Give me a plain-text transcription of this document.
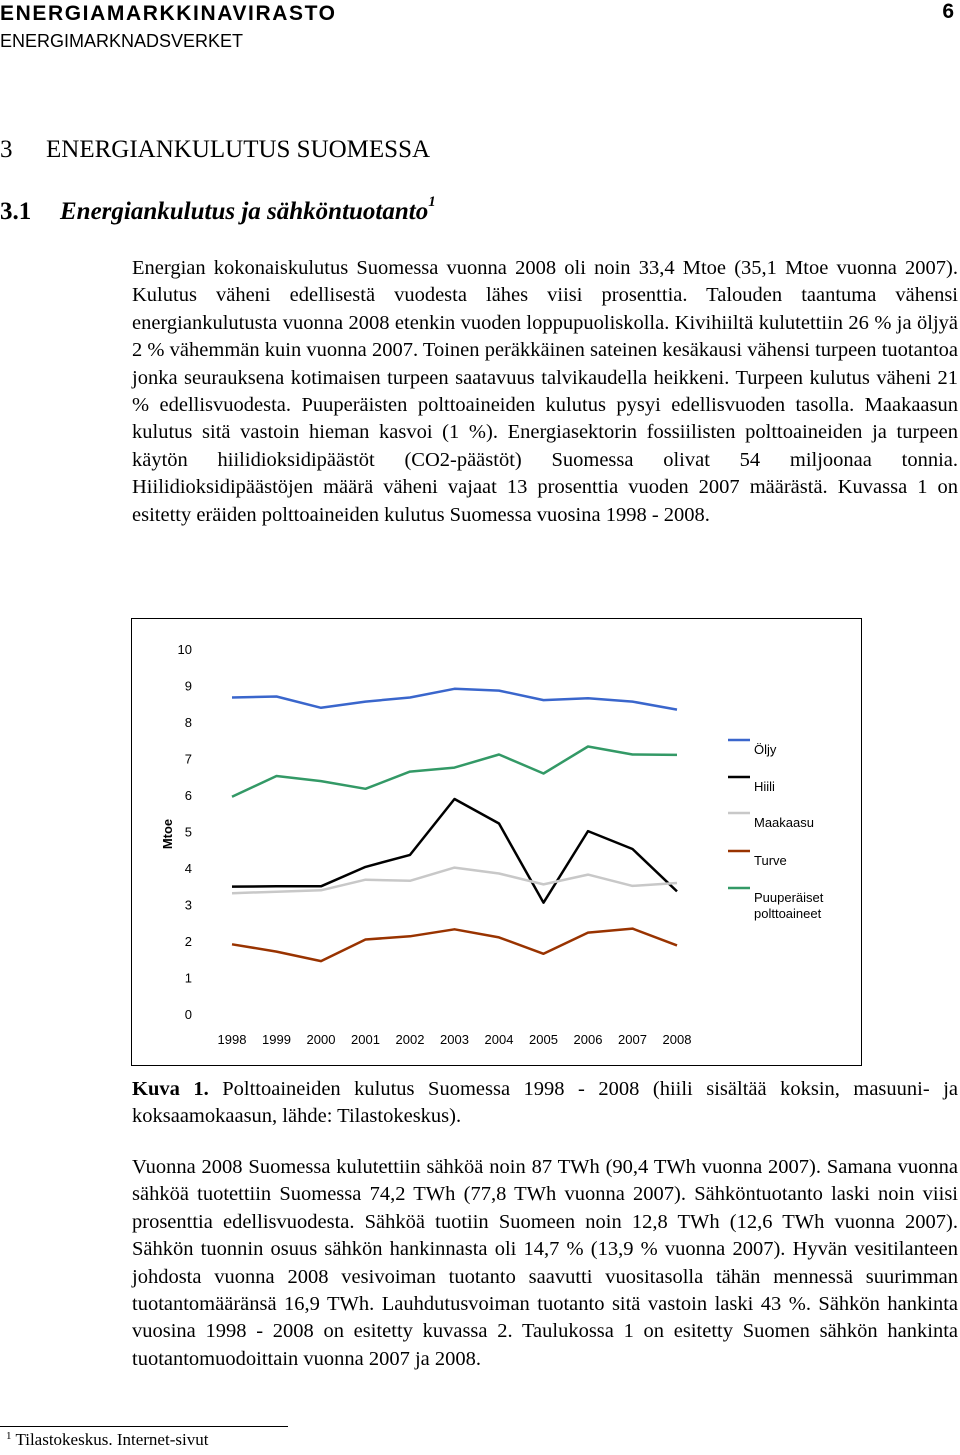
ENERGIAMARKKINAVIRASTO	6
ENERGIMARKNADSVERKET
3 ENERGIANKULUTUS SUOMESSA
3.1 Energiankulutus ja sähköntuotanto$^1$

Energian kokonaiskulutus Suomessa vuonna 2008 oli noin 33,4 Mtoe (35,1 Mtoe vuonna 2007). Kulutus väheni edellisestä vuodesta lähes viisi prosenttia. Talouden taantuma vähensi energiankulutusta vuonna 2008 etenkin vuoden loppupuoliskolla. Kivihiiltä kulutettiin 26 % ja öljyä 2 % vähemmän kuin vuonna 2007. Toinen peräkkäinen sateinen kesäkausi vähensi turpeen tuotantoa jonka seurauksena kotimaisen turpeen saatavuus talvikaudella heikkeni. Turpeen kulutus väheni 21 % edellisvuodesta. Puuperäisten polttoaineiden kulutus pysyi edellisvuoden tasolla. Maakaasun kulutus sitä vastoin hieman kasvoi (1 %). Energiasektorin fossiilisten polttoaineiden ja turpeen käytön hiilidioksidipäästöt (CO2-päästöt) Suomessa olivat 54 miljoonaa tonnia. Hiilidioksidipäästöjen määrä väheni vajaat 13 prosenttia vuoden 2007 määrästä. Kuvassa 1 on esitetty eräiden polttoaineiden kulutus Suomessa vuosina 1998 - 2008.

0
1
2
3
4
5
6
7
8
9
10
1998 1999 2000 2001 2002 2003 2004 2005 2006 2007 2008
Mtoe
Öljy
Hiili
Maakaasu
Turve
Puuperäiset polttoaineet

Kuva 1. Polttoaineiden kulutus Suomessa 1998 - 2008 (hiili sisältää koksin, masuuni- ja koksaamokaasun, lähde: Tilastokeskus).

Vuonna 2008 Suomessa kulutettiin sähköä noin 87 TWh (90,4 TWh vuonna 2007). Samana vuonna sähköä tuotettiin Suomessa 74,2 TWh (77,8 TWh vuonna 2007). Sähköntuotanto laski noin viisi prosenttia edellisvuodesta. Sähköä tuotiin Suomeen noin 12,8 TWh (12,6 TWh vuonna 2007). Sähkön tuonnin osuus sähkön hankinnasta oli 14,7 % (13,9 % vuonna 2007). Hyvän vesitilanteen johdosta vuonna 2008 vesivoiman tuotanto saavutti vuositasolla tähän mennessä suurimman tuotantomääränsä 16,9 TWh. Lauhdutusvoiman tuotanto sitä vastoin laski 43 %. Sähkön hankinta vuosina 1998 - 2008 on esitetty kuvassa 2. Taulukossa 1 on esitetty Suomen sähkön hankinta tuotantomuodoittain vuonna 2007 ja 2008.

$^1$ Tilastokeskus. Internet-sivut
